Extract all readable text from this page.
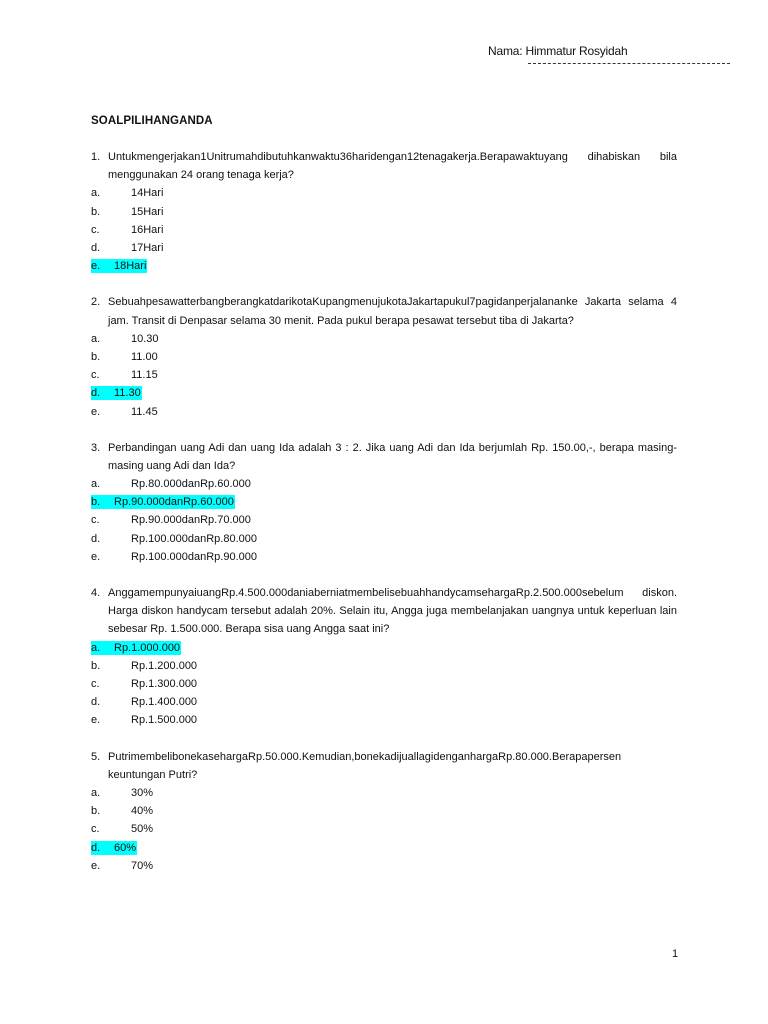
Nama: Himmatur Rosyidah
SOALPILIHANGANDA
1. Untukmengerjakan1Unitrumahdibutuhkanwaktu36haridengan12tenagakerja.Berapawaktuyang dihabiskan bila menggunakan 24 orang tenaga kerja?
a.	14Hari
b.	15Hari
c.	16Hari
d.	17Hari
e. 18Hari
2. SebuahpesawatterbangberangkatdarikotaKupangmenujukotaJakartapukul7pagidanperjalananke Jakarta selama 4 jam. Transit di Denpasar selama 30 menit. Pada pukul berapa pesawat tersebut tiba di Jakarta?
a.	10.30
b.	11.00
c.	11.15
d. 11.30
e.	11.45
3. Perbandingan uang Adi dan uang Ida adalah 3 : 2. Jika uang Adi dan Ida berjumlah Rp. 150.00,-, berapa masing-masing uang Adi dan Ida?
a.	Rp.80.000danRp.60.000
b. Rp.90.000danRp.60.000
c.	Rp.90.000danRp.70.000
d.	Rp.100.000danRp.80.000
e.	Rp.100.000danRp.90.000
4. AnggamempunyaiuangRp.4.500.000daniaberniatmembelisebuahhandycamsehargaRp.2.500.000sebelum diskon. Harga diskon handycam tersebut adalah 20%. Selain itu, Angga juga membelanjakan uangnya untuk keperluan lain sebesar Rp. 1.500.000. Berapa sisa uang Angga saat ini?
a. Rp.1.000.000
b.	Rp.1.200.000
c.	Rp.1.300.000
d.	Rp.1.400.000
e.	Rp.1.500.000
5. PutrimembelibonekasehargaRp.50.000.Kemudian,bonekadijuallagidenganhargaRp.80.000.Berapapersen keuntungan Putri?
a.	30%
b.	40%
c.	50%
d. 60%
e.	70%
1
